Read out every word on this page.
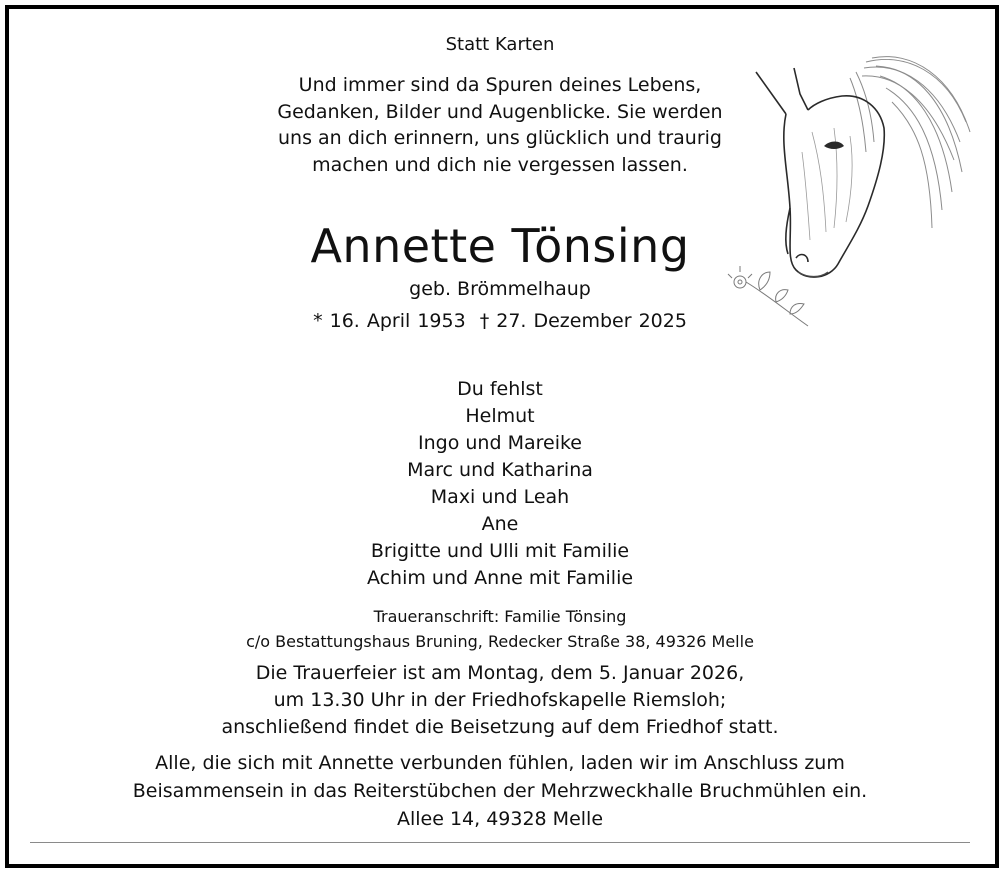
Statt Karten
Und immer sind da Spuren deines Lebens,
Gedanken, Bilder und Augenblicke. Sie werden
uns an dich erinnern, uns glücklich und traurig
machen und dich nie vergessen lassen.
Annette Tönsing
geb. Brömmelhaup
* 16. April 1953 † 27. Dezember 2025
Du fehlst
Helmut
Ingo und Mareike
Marc und Katharina
Maxi und Leah
Ane
Brigitte und Ulli mit Familie
Achim und Anne mit Familie
Traueranschrift: Familie Tönsing
c/o Bestattungshaus Bruning, Redecker Straße 38, 49326 Melle
Die Trauerfeier ist am Montag, dem 5. Januar 2026,
um 13.30 Uhr in der Friedhofskapelle Riemsloh;
anschließend findet die Beisetzung auf dem Friedhof statt.
Alle, die sich mit Annette verbunden fühlen, laden wir im Anschluss zum
Beisammensein in das Reiterstübchen der Mehrzweckhalle Bruchmühlen ein.
Allee 14, 49328 Melle
